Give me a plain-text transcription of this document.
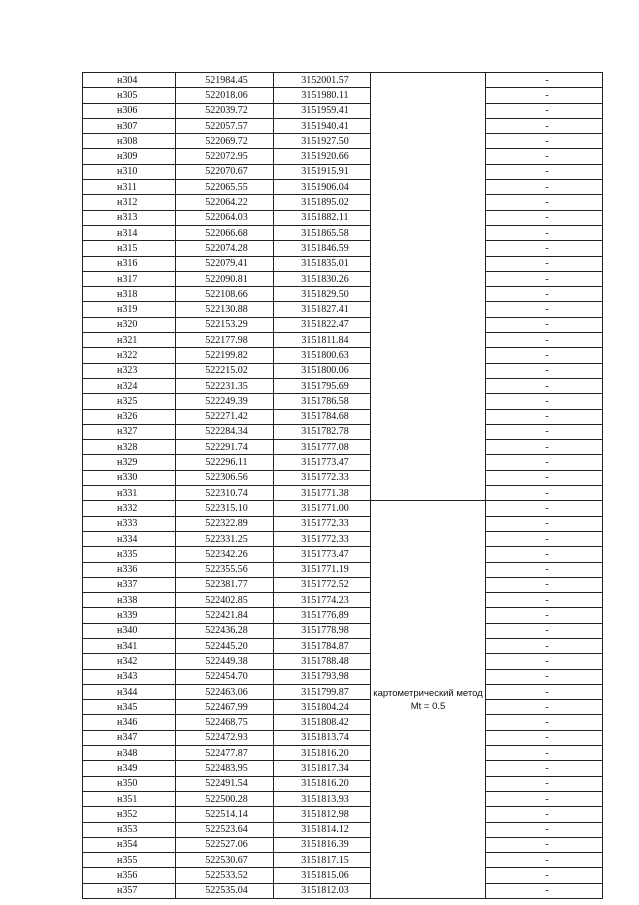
н304	521984.45	3152001.57		-
н305	522018.06	3151980.11		-
н306	522039.72	3151959.41		-
н307	522057.57	3151940.41		-
н308	522069.72	3151927.50		-
н309	522072.95	3151920.66		-
н310	522070.67	3151915.91		-
н311	522065.55	3151906.04		-
н312	522064.22	3151895.02		-
н313	522064.03	3151882.11		-
н314	522066.68	3151865.58		-
н315	522074.28	3151846.59		-
н316	522079.41	3151835.01		-
н317	522090.81	3151830.26		-
н318	522108.66	3151829.50		-
н319	522130.88	3151827.41		-
н320	522153.29	3151822.47		-
н321	522177.98	3151811.84		-
н322	522199.82	3151800.63		-
н323	522215.02	3151800.06		-
н324	522231.35	3151795.69		-
н325	522249.39	3151786.58		-
н326	522271.42	3151784.68		-
н327	522284.34	3151782.78		-
н328	522291.74	3151777.08		-
н329	522296.11	3151773.47		-
н330	522306.56	3151772.33		-
н331	522310.74	3151771.38		-
н332	522315.10	3151771.00	картометрический метод Mt = 0.5	-
н333	522322.89	3151772.33		-
н334	522331.25	3151772.33		-
н335	522342.26	3151773.47		-
н336	522355.56	3151771.19		-
н337	522381.77	3151772.52		-
н338	522402.85	3151774.23		-
н339	522421.84	3151776.89		-
н340	522436.28	3151778.98		-
н341	522445.20	3151784.87		-
н342	522449.38	3151788.48		-
н343	522454.70	3151793.98		-
н344	522463.06	3151799.87		-
н345	522467.99	3151804.24		-
н346	522468.75	3151808.42		-
н347	522472.93	3151813.74		-
н348	522477.87	3151816.20		-
н349	522483.95	3151817.34		-
н350	522491.54	3151816.20		-
н351	522500.28	3151813.93		-
н352	522514.14	3151812.98		-
н353	522523.64	3151814.12		-
н354	522527.06	3151816.39		-
н355	522530.67	3151817.15		-
н356	522533.52	3151815.06		-
н357	522535.04	3151812.03		-
